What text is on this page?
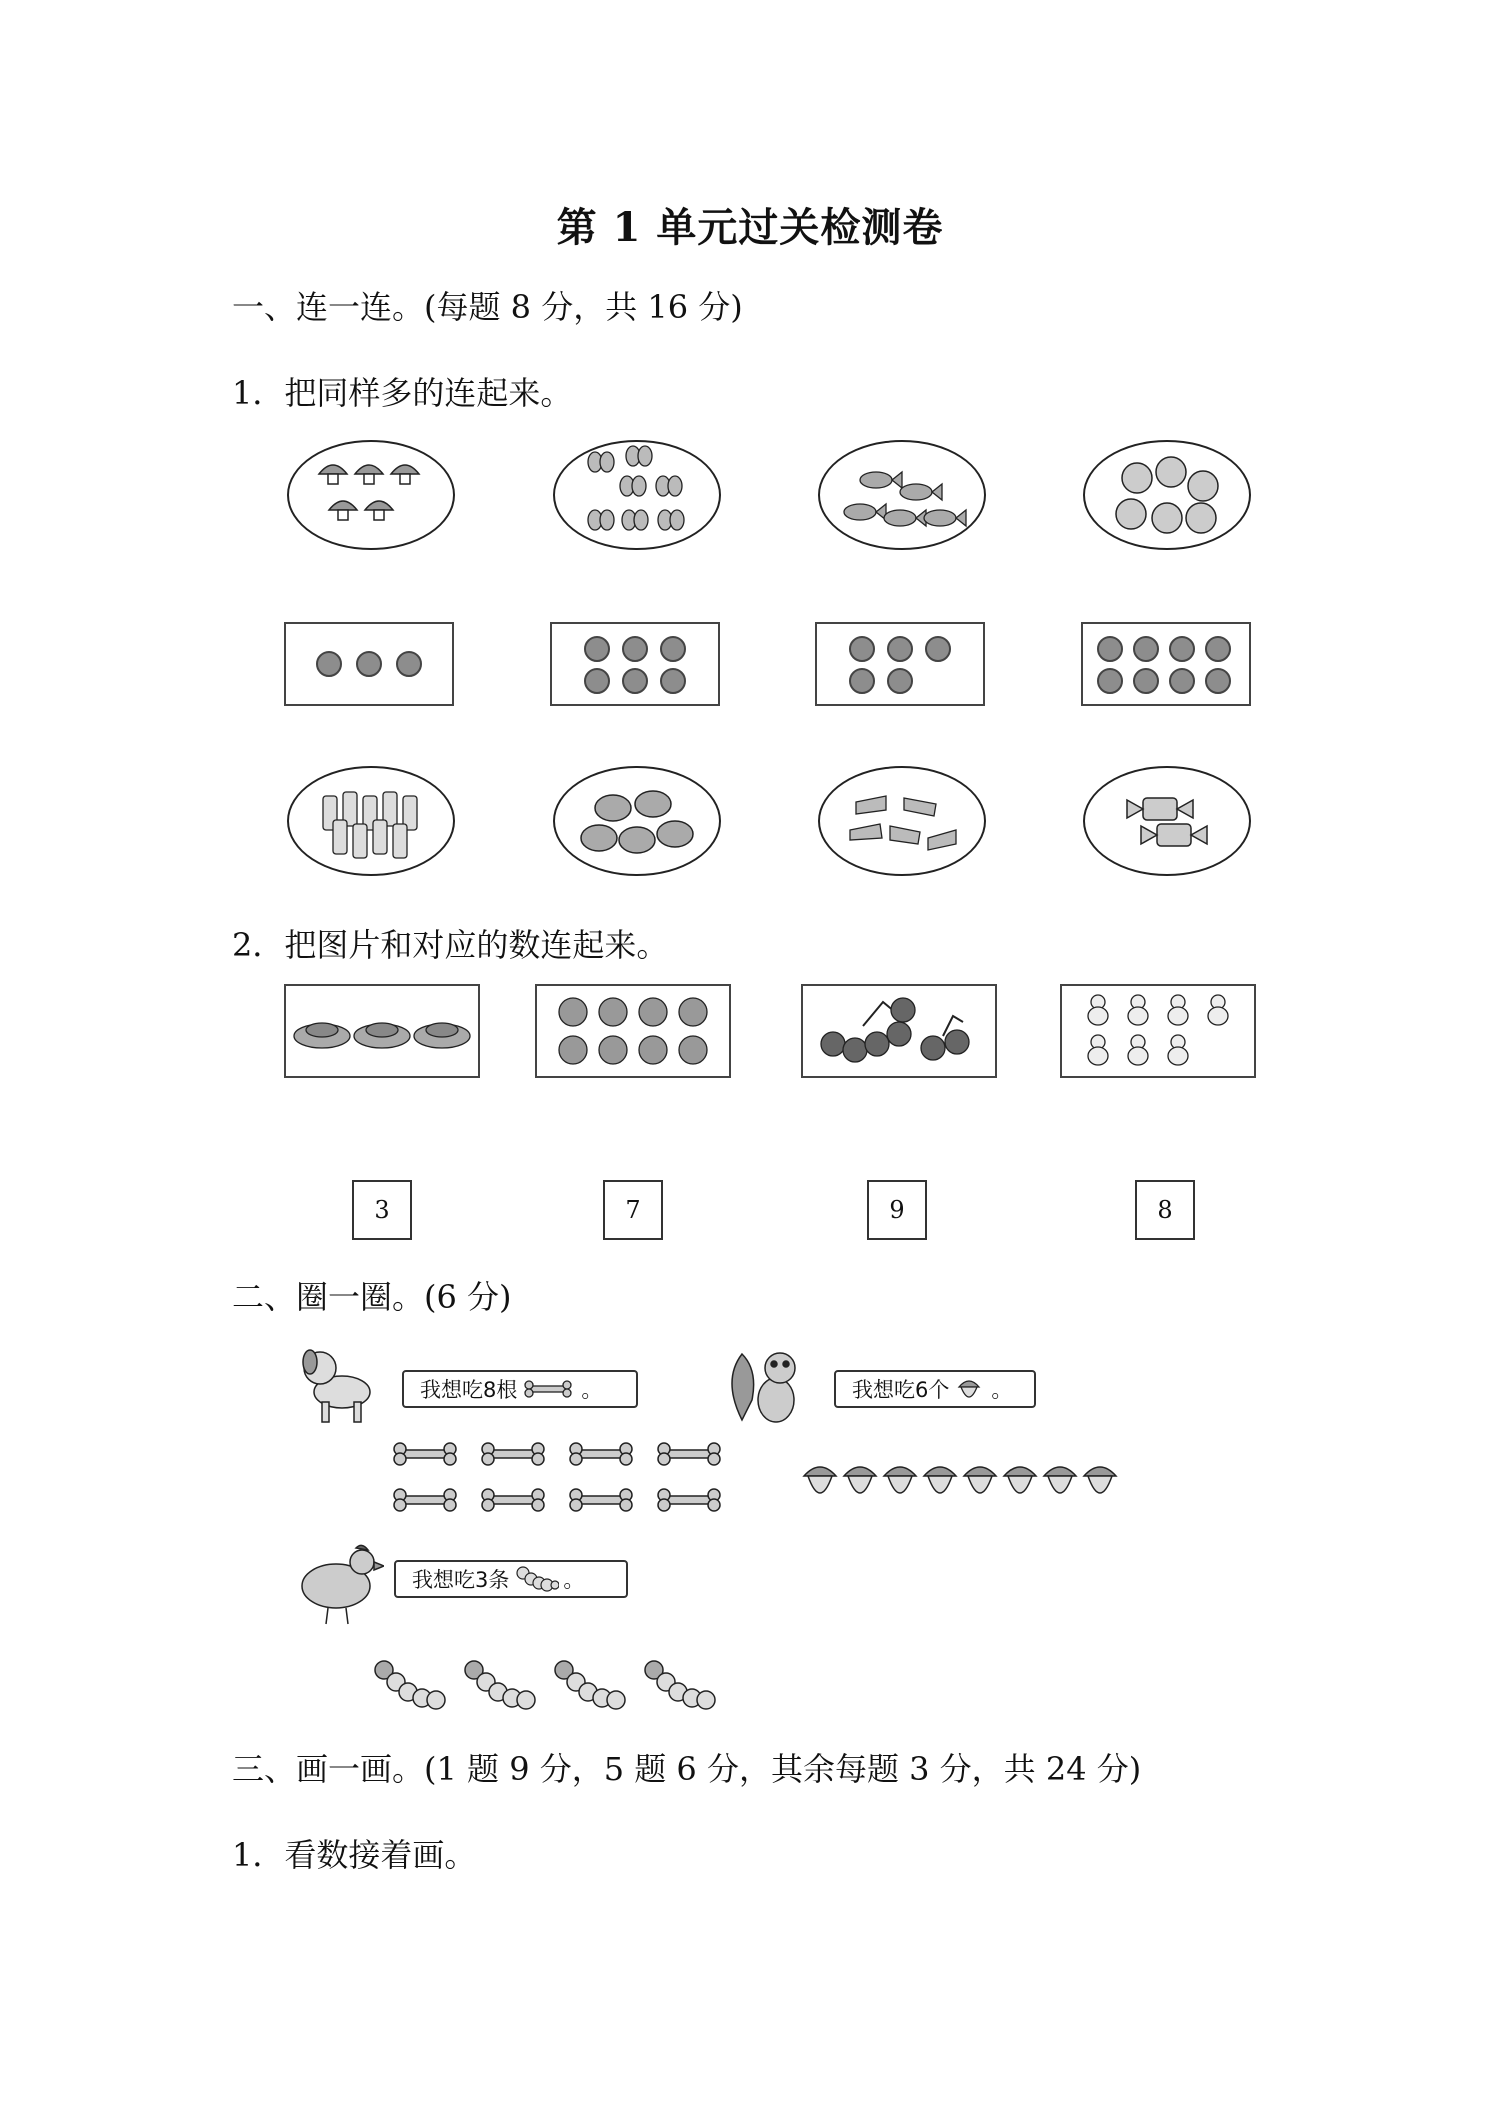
第 1 单元过关检测卷
一、连一连。(每题 8 分，共 16 分)
1．把同样多的连起来。
2．把图片和对应的数连起来。
3	7	9	8
二、圈一圈。(6 分)
我想吃8根	。	我想吃6个 。
我想吃3条	。
三、画一画。(1 题 9 分，5 题 6 分，其余每题 3 分，共 24 分)
1．看数接着画。
